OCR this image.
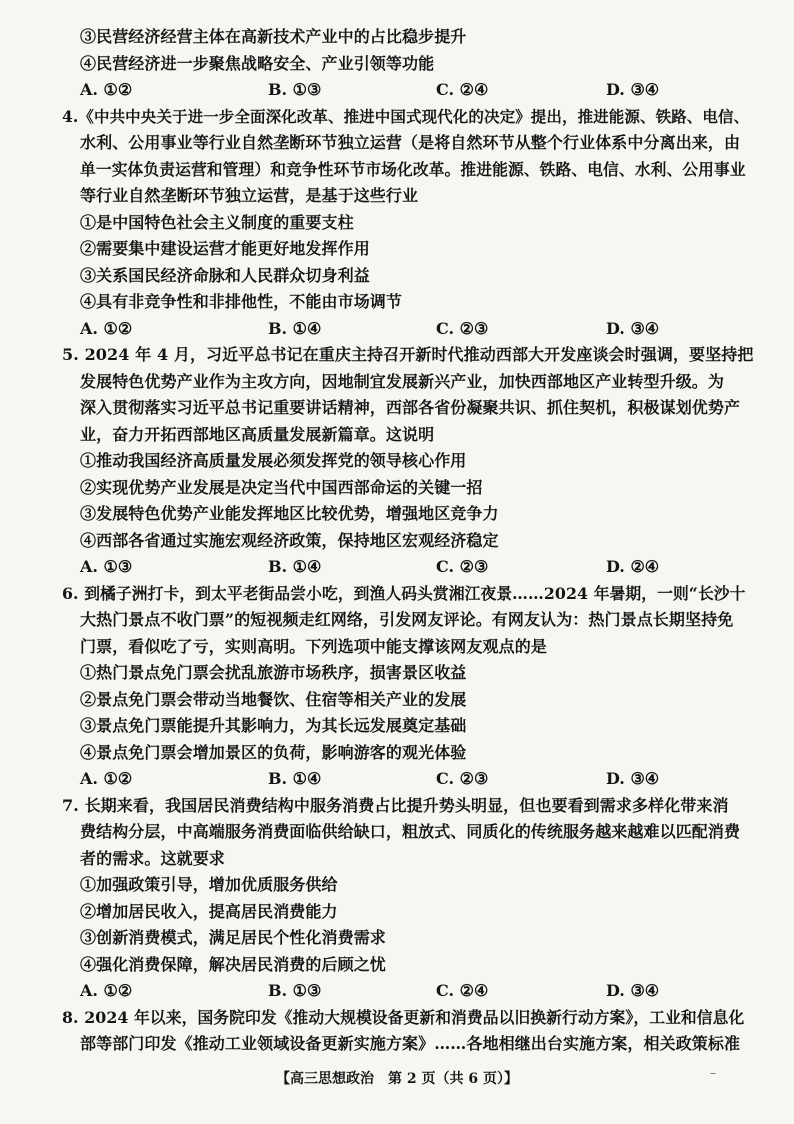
③民营经济经营主体在高新技术产业中的占比稳步提升
④民营经济进一步聚焦战略安全、产业引领等功能
A. ①②	B. ①③	C. ②④	D. ③④
4.《中共中央关于进一步全面深化改革、推进中国式现代化的决定》提出，推进能源、铁路、电信、
水利、公用事业等行业自然垄断环节独立运营（是将自然环节从整个行业体系中分离出来，由
单一实体负责运营和管理）和竞争性环节市场化改革。推进能源、铁路、电信、水利、公用事业
等行业自然垄断环节独立运营，是基于这些行业
①是中国特色社会主义制度的重要支柱
②需要集中建设运营才能更好地发挥作用
③关系国民经济命脉和人民群众切身利益
④具有非竞争性和非排他性，不能由市场调节
A. ①②	B. ①④	C. ②③	D. ③④
5. 2024 年 4 月，习近平总书记在重庆主持召开新时代推动西部大开发座谈会时强调，要坚持把
发展特色优势产业作为主攻方向，因地制宜发展新兴产业，加快西部地区产业转型升级。为
深入贯彻落实习近平总书记重要讲话精神，西部各省份凝聚共识、抓住契机，积极谋划优势产
业，奋力开拓西部地区高质量发展新篇章。这说明
①推动我国经济高质量发展必须发挥党的领导核心作用
②实现优势产业发展是决定当代中国西部命运的关键一招
③发展特色优势产业能发挥地区比较优势，增强地区竞争力
④西部各省通过实施宏观经济政策，保持地区宏观经济稳定
A. ①③	B. ①④	C. ②③	D. ②④
6. 到橘子洲打卡，到太平老街品尝小吃，到渔人码头赏湘江夜景……2024 年暑期，一则“长沙十
大热门景点不收门票”的短视频走红网络，引发网友评论。有网友认为：热门景点长期坚持免
门票，看似吃了亏，实则高明。下列选项中能支撑该网友观点的是
①热门景点免门票会扰乱旅游市场秩序，损害景区收益
②景点免门票会带动当地餐饮、住宿等相关产业的发展
③景点免门票能提升其影响力，为其长远发展奠定基础
④景点免门票会增加景区的负荷，影响游客的观光体验
A. ①②	B. ①④	C. ②③	D. ③④
7. 长期来看，我国居民消费结构中服务消费占比提升势头明显，但也要看到需求多样化带来消
费结构分层，中高端服务消费面临供给缺口，粗放式、同质化的传统服务越来越难以匹配消费
者的需求。这就要求
①加强政策引导，增加优质服务供给
②增加居民收入，提高居民消费能力
③创新消费模式，满足居民个性化消费需求
④强化消费保障，解决居民消费的后顾之忧
A. ①②	B. ①③	C. ②④	D. ③④
8. 2024 年以来，国务院印发《推动大规模设备更新和消费品以旧换新行动方案》，工业和信息化
部等部门印发《推动工业领域设备更新实施方案》……各地相继出台实施方案，相关政策标准
【高三思想政治　第 2 页（共 6 页）】	–
